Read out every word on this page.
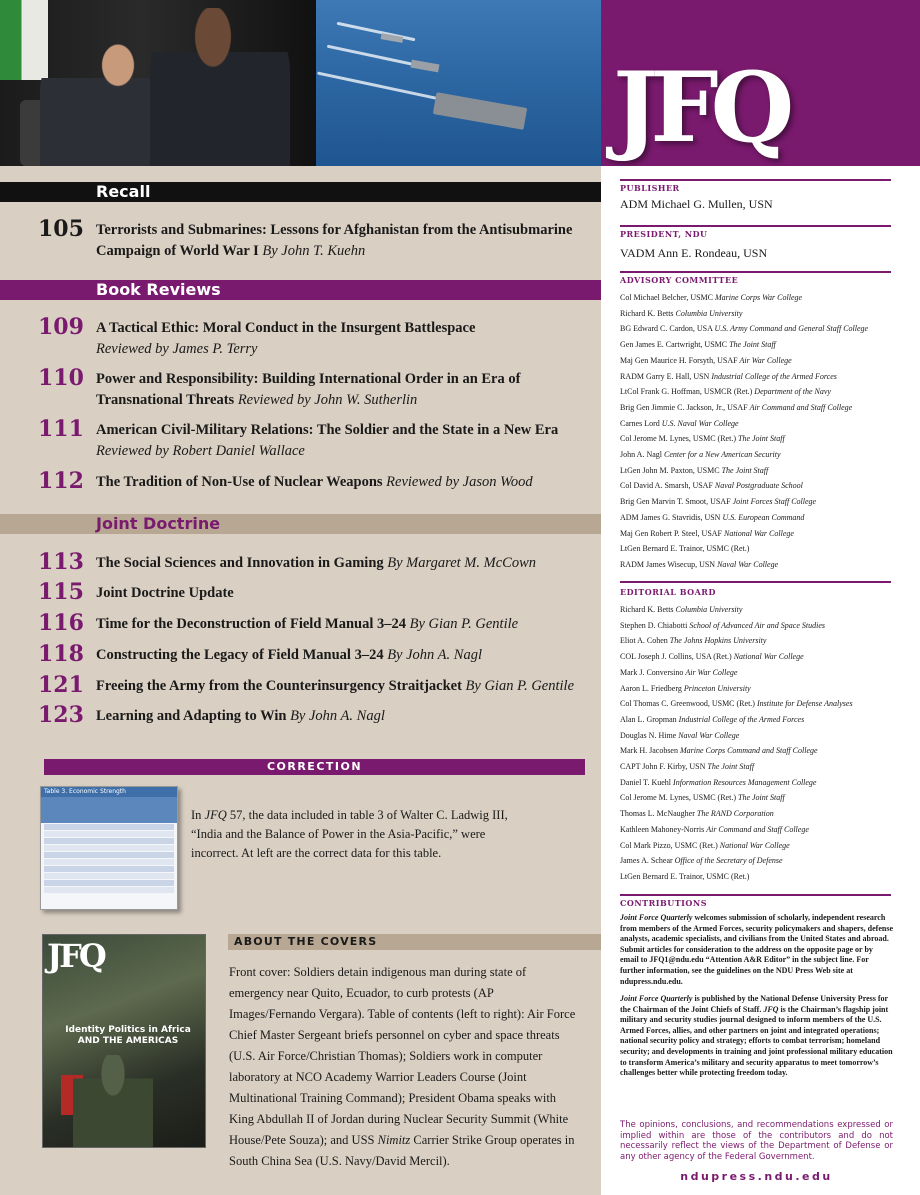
JFQ
Recall
105 Terrorists and Submarines: Lessons for Afghanistan from the Antisubmarine Campaign of World War I By John T. Kuehn
Book Reviews
109 A Tactical Ethic: Moral Conduct in the Insurgent Battlespace
Reviewed by James P. Terry
110 Power and Responsibility: Building International Order in an Era of Transnational Threats Reviewed by John W. Sutherlin
111 American Civil-Military Relations: The Soldier and the State in a New Era
Reviewed by Robert Daniel Wallace
112 The Tradition of Non-Use of Nuclear Weapons Reviewed by Jason Wood
Joint Doctrine
113 The Social Sciences and Innovation in Gaming By Margaret M. McCown
115 Joint Doctrine Update
116 Time for the Deconstruction of Field Manual 3–24 By Gian P. Gentile
118 Constructing the Legacy of Field Manual 3–24 By John A. Nagl
121 Freeing the Army from the Counterinsurgency Straitjacket By Gian P. Gentile
123 Learning and Adapting to Win By John A. Nagl
CORRECTION
Table 3. Economic Strength
In JFQ 57, the data included in table 3 of Walter C. Ladwig III, “India and the Balance of Power in the Asia-Pacific,” were incorrect. At left are the correct data for this table.
JFQ
Identity Politics in Africa AND THE AMERICAS
ABOUT THE COVERS
Front cover: Soldiers detain indigenous man during state of emergency near Quito, Ecuador, to curb protests (AP Images/Fernando Vergara). Table of contents (left to right): Air Force Chief Master Sergeant briefs personnel on cyber and space threats (U.S. Air Force/Christian Thomas); Soldiers work in computer laboratory at NCO Academy Warrior Leaders Course (Joint Multinational Training Command); President Obama speaks with King Abdullah II of Jordan during Nuclear Security Summit (White House/Pete Souza); and USS Nimitz Carrier Strike Group operates in South China Sea (U.S. Navy/David Mercil).
PUBLISHER
ADM Michael G. Mullen, USN
PRESIDENT, NDU
VADM Ann E. Rondeau, USN
ADVISORY COMMITTEE
Col Michael Belcher, USMC Marine Corps War College
Richard K. Betts Columbia University
BG Edward C. Cardon, USA U.S. Army Command and General Staff College
Gen James E. Cartwright, USMC The Joint Staff
Maj Gen Maurice H. Forsyth, USAF Air War College
RADM Garry E. Hall, USN Industrial College of the Armed Forces
LtCol Frank G. Hoffman, USMCR (Ret.) Department of the Navy
Brig Gen Jimmie C. Jackson, Jr., USAF Air Command and Staff College
Carnes Lord U.S. Naval War College
Col Jerome M. Lynes, USMC (Ret.) The Joint Staff
John A. Nagl Center for a New American Security
LtGen John M. Paxton, USMC The Joint Staff
Col David A. Smarsh, USAF Naval Postgraduate School
Brig Gen Marvin T. Smoot, USAF Joint Forces Staff College
ADM James G. Stavridis, USN U.S. European Command
Maj Gen Robert P. Steel, USAF National War College
LtGen Bernard E. Trainor, USMC (Ret.)
RADM James Wisecup, USN Naval War College
EDITORIAL BOARD
Richard K. Betts Columbia University
Stephen D. Chiabotti School of Advanced Air and Space Studies
Eliot A. Cohen The Johns Hopkins University
COL Joseph J. Collins, USA (Ret.) National War College
Mark J. Conversino Air War College
Aaron L. Friedberg Princeton University
Col Thomas C. Greenwood, USMC (Ret.) Institute for Defense Analyses
Alan L. Gropman Industrial College of the Armed Forces
Douglas N. Hime Naval War College
Mark H. Jacobsen Marine Corps Command and Staff College
CAPT John F. Kirby, USN The Joint Staff
Daniel T. Kuehl Information Resources Management College
Col Jerome M. Lynes, USMC (Ret.) The Joint Staff
Thomas L. McNaugher The RAND Corporation
Kathleen Mahoney-Norris Air Command and Staff College
Col Mark Pizzo, USMC (Ret.) National War College
James A. Schear Office of the Secretary of Defense
LtGen Bernard E. Trainor, USMC (Ret.)
CONTRIBUTIONS
Joint Force Quarterly welcomes submission of scholarly, independent research from members of the Armed Forces, security policymakers and shapers, defense analysts, academic specialists, and civilians from the United States and abroad. Submit articles for consideration to the address on the opposite page or by email to JFQ1@ndu.edu “Attention A&R Editor” in the subject line. For further information, see the guidelines on the NDU Press Web site at ndupress.ndu.edu.
Joint Force Quarterly is published by the National Defense University Press for the Chairman of the Joint Chiefs of Staff. JFQ is the Chairman’s flagship joint military and security studies journal designed to inform members of the U.S. Armed Forces, allies, and other partners on joint and integrated operations; national security policy and strategy; efforts to combat terrorism; homeland security; and developments in training and joint professional military education to transform America’s military and security apparatus to meet tomorrow’s challenges better while protecting freedom today.
The opinions, conclusions, and recommendations expressed or implied within are those of the contributors and do not necessarily reflect the views of the Department of Defense or any other agency of the Federal Government.
ndupress.ndu.edu
